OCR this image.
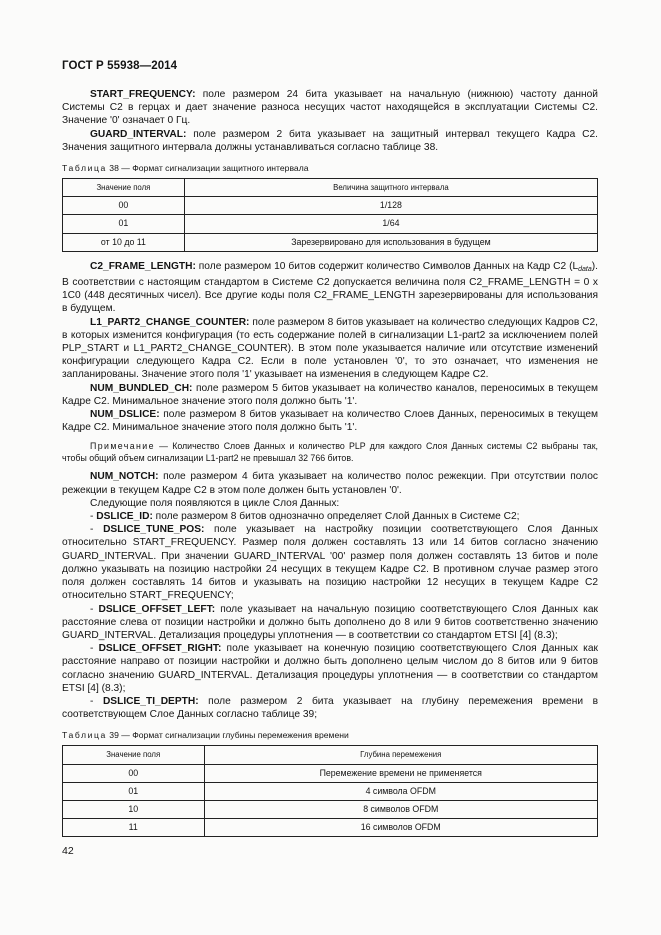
ГОСТ Р 55938—2014

START_FREQUENCY: поле размером 24 бита указывает на начальную (нижнюю) частоту данной Системы С2 в герцах и дает значение разноса несущих частот находящейся в эксплуатации Системы С2. Значение '0' означает 0 Гц.

GUARD_INTERVAL: поле размером 2 бита указывает на защитный интервал текущего Кадра С2. Значения защитного интервала должны устанавливаться согласно таблице 38.

Таблица 38 — Формат сигнализации защитного интервала

Значение поля	Величина защитного интервала
00	1/128
01	1/64
от 10 до 11	Зарезервировано для использования в будущем

C2_FRAME_LENGTH: поле размером 10 битов содержит количество Символов Данных на Кадр С2 $(L_{data})$. В соответствии с настоящим стандартом в Системе С2 допускается величина поля C2_FRAME_LENGTH = 0 x 1C0 (448 десятичных чисел). Все другие коды поля C2_FRAME_LENGTH зарезервированы для использования в будущем.

L1_PART2_CHANGE_COUNTER: поле размером 8 битов указывает на количество следующих Кадров С2, в которых изменится конфигурация (то есть содержание полей в сигнализации L1-part2 за исключением полей PLP_START и L1_PART2_CHANGE_COUNTER). В этом поле указывается наличие или отсутствие изменений конфигурации следующего Кадра С2. Если в поле установлен '0', то это означает, что изменения не запланированы. Значение этого поля '1' указывает на изменения в следующем Кадре С2.

NUM_BUNDLED_CH: поле размером 5 битов указывает на количество каналов, переносимых в текущем Кадре С2. Минимальное значение этого поля должно быть '1'.

NUM_DSLICE: поле размером 8 битов указывает на количество Слоев Данных, переносимых в текущем Кадре С2. Минимальное значение этого поля должно быть '1'.

Примечание — Количество Слоев Данных и количество PLP для каждого Слоя Данных системы С2 выбраны так, чтобы общий объем сигнализации L1-part2 не превышал 32 766 битов.

NUM_NOTCH: поле размером 4 бита указывает на количество полос режекции. При отсутствии полос режекции в текущем Кадре С2 в этом поле должен быть установлен '0'.

Следующие поля появляются в цикле Слоя Данных:

- DSLICE_ID: поле размером 8 битов однозначно определяет Слой Данных в Системе С2;

- DSLICE_TUNE_POS: поле указывает на настройку позиции соответствующего Слоя Данных относительно START_FREQUENCY. Размер поля должен составлять 13 или 14 битов согласно значению GUARD_INTERVAL. При значении GUARD_INTERVAL '00' размер поля должен составлять 13 битов и поле должно указывать на позицию настройки 24 несущих в текущем Кадре С2. В противном случае размер этого поля должен составлять 14 битов и указывать на позицию настройки 12 несущих в текущем Кадре С2 относительно START_FREQUENCY;

- DSLICE_OFFSET_LEFT: поле указывает на начальную позицию соответствующего Слоя Данных как расстояние слева от позиции настройки и должно быть дополнено до 8 или 9 битов соответственно значению GUARD_INTERVAL. Детализация процедуры уплотнения — в соответствии со стандартом ETSI [4] (8.3);

- DSLICE_OFFSET_RIGHT: поле указывает на конечную позицию соответствующего Слоя Данных как расстояние направо от позиции настройки и должно быть дополнено целым числом до 8 битов или 9 битов согласно значению GUARD_INTERVAL. Детализация процедуры уплотнения — в соответствии со стандартом ETSI [4] (8.3);

- DSLICE_TI_DEPTH: поле размером 2 бита указывает на глубину перемежения времени в соответствующем Слое Данных согласно таблице 39;

Таблица 39 — Формат сигнализации глубины перемежения времени

Значение поля	Глубина перемежения
00	Перемежение времени не применяется
01	4 символа OFDM
10	8 символов OFDM
11	16 символов OFDM
42
